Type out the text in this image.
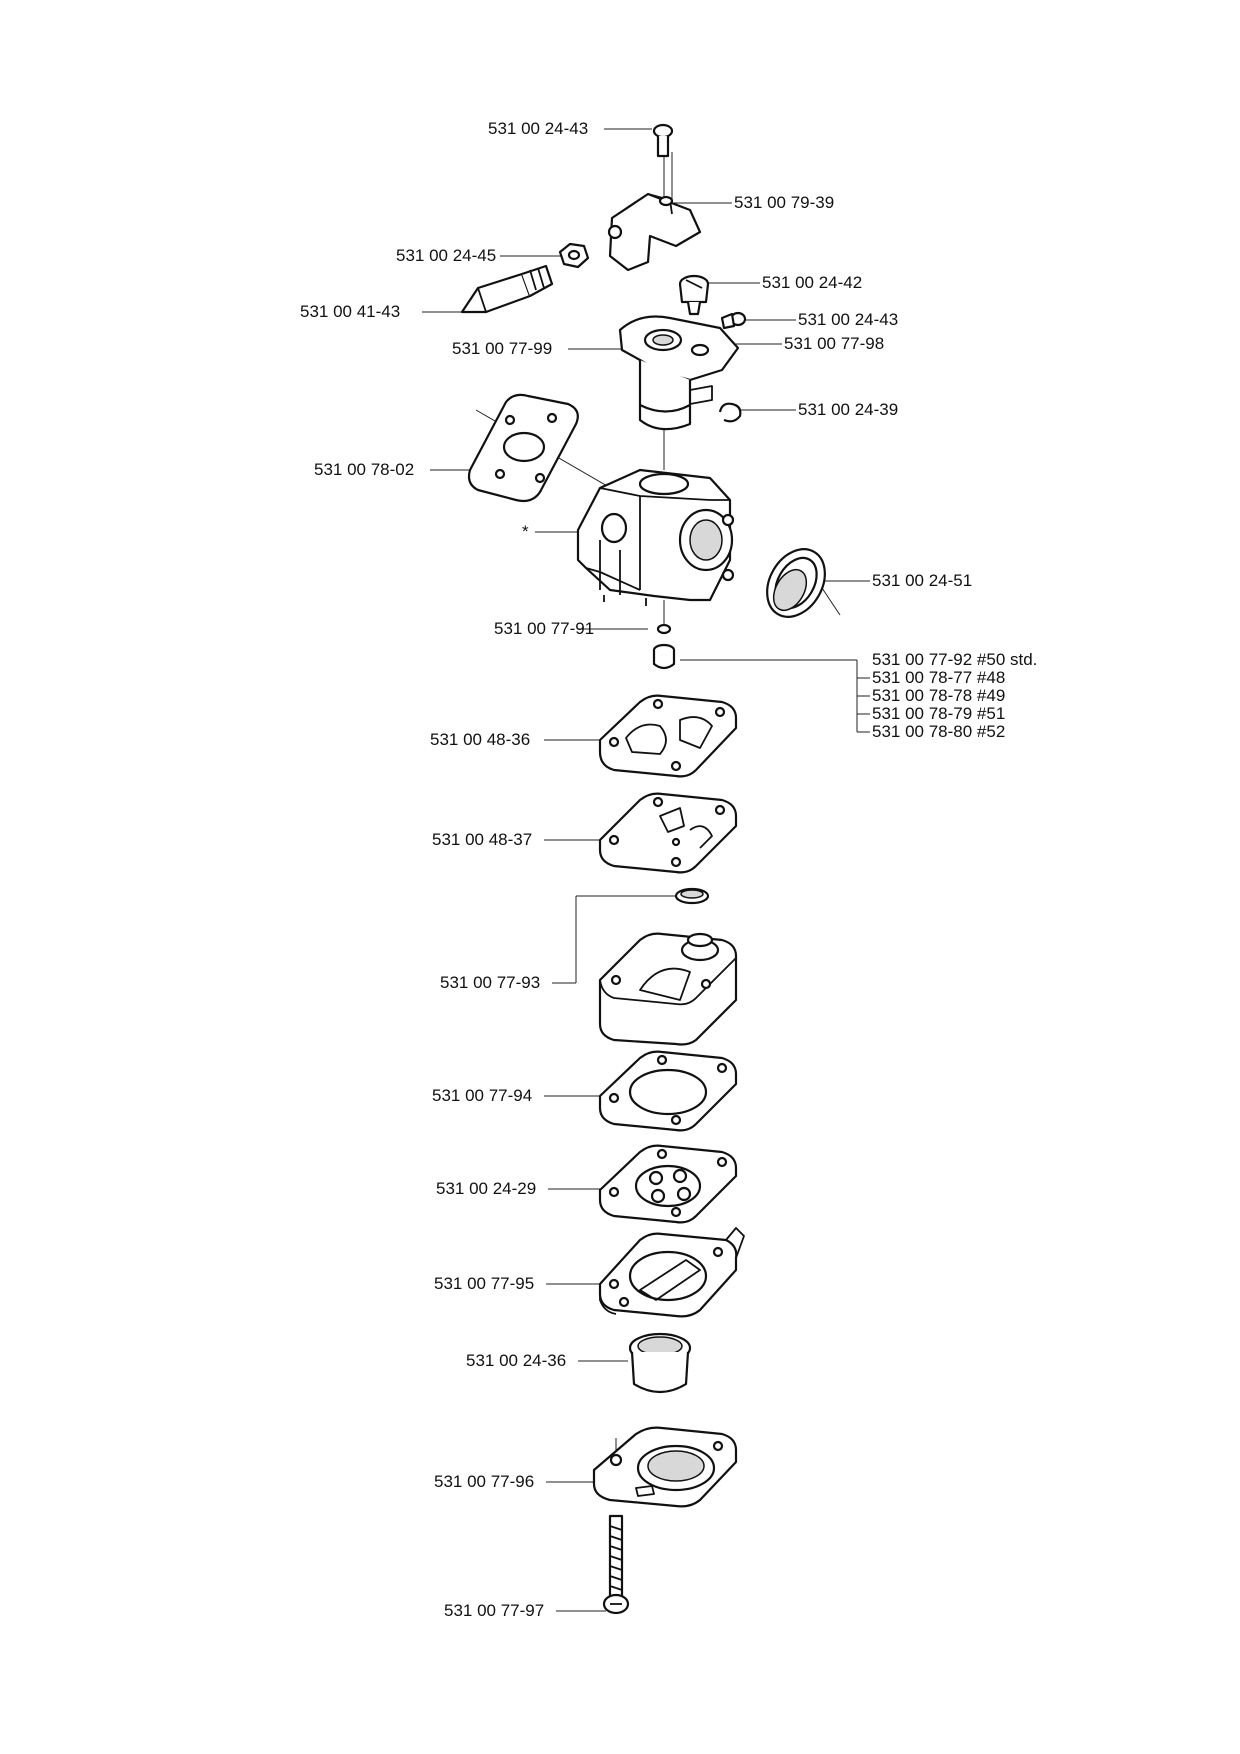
531 00 24-43
531 00 79-39
531 00 24-45
531 00 24-42
531 00 41-43	531 00 24-43
531 00 77-99	531 00 77-98
531 00 24-39
531 00 78-02
*
531 00 24-51
531 00 77-91
531 00 77-92 #50 std.
531 00 78-77 #48
531 00 78-78 #49
531 00 78-79 #51
531 00 78-80 #52
531 00 48-36
531 00 48-37
531 00 77-93
531 00 77-94
531 00 24-29
531 00 77-95
531 00 24-36
531 00 77-96
531 00 77-97
